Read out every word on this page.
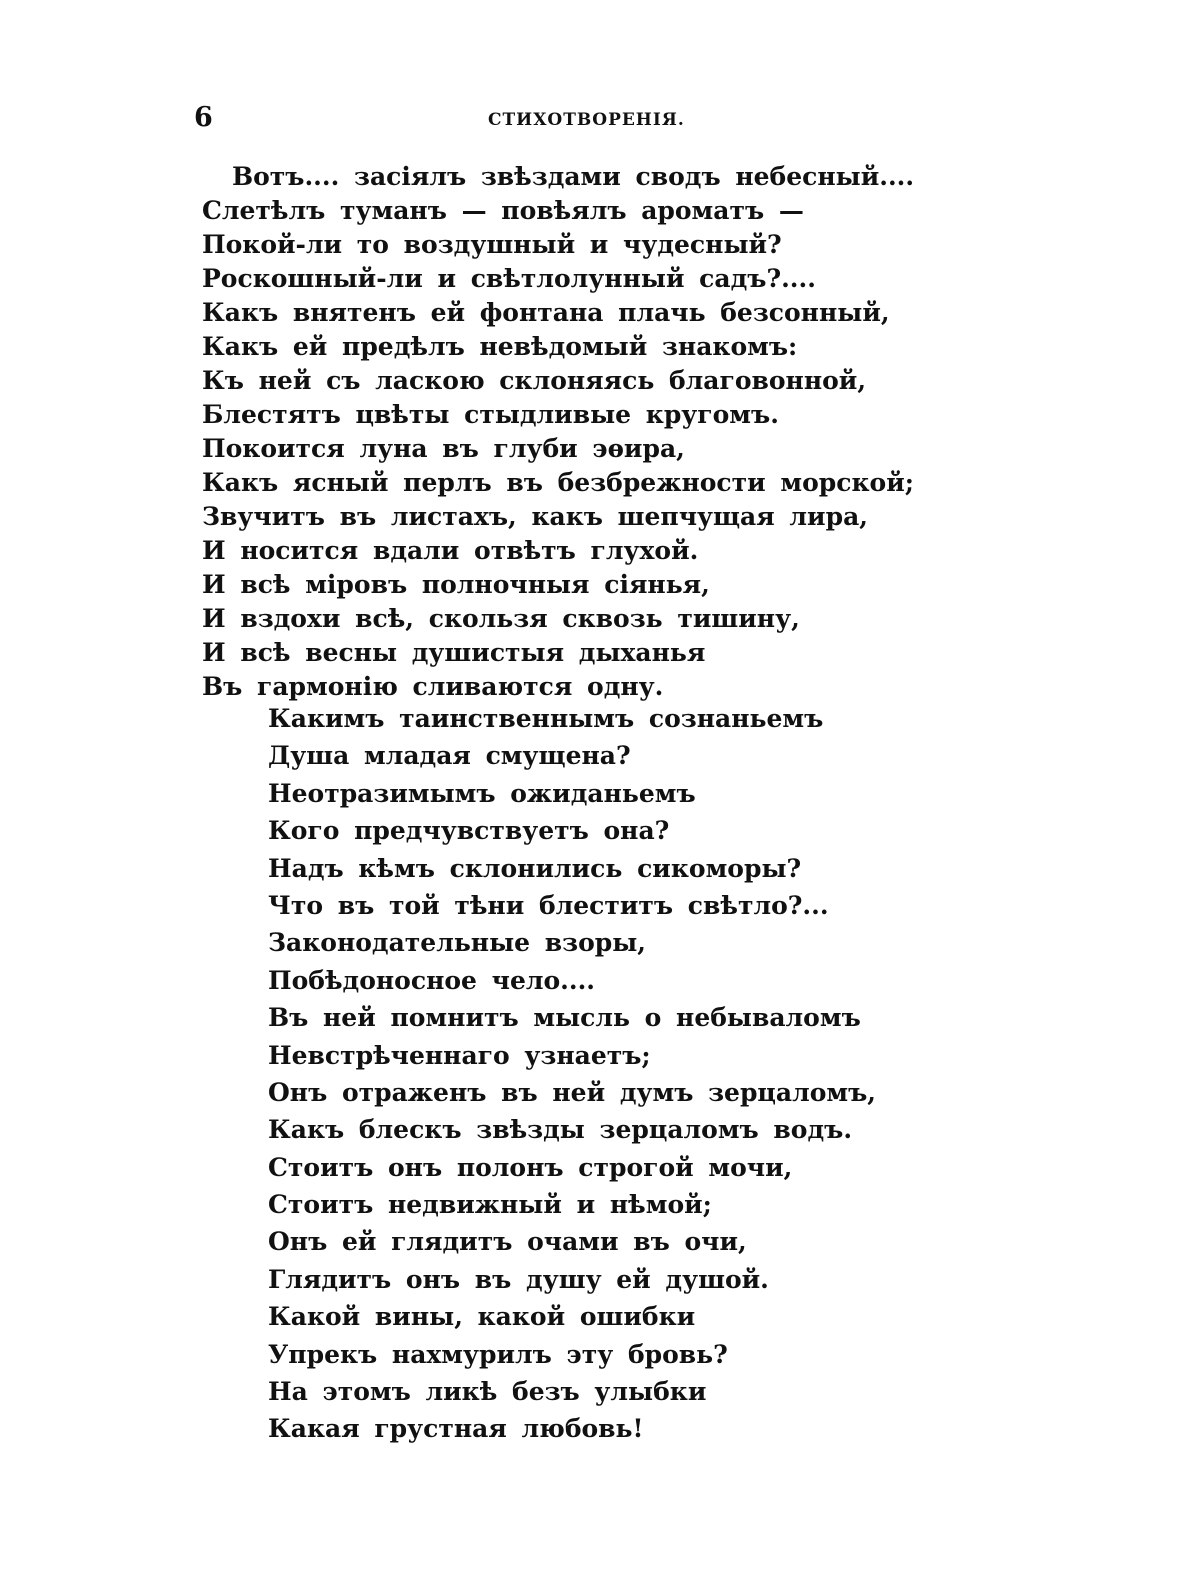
6	СТИХОТВОРЕНІЯ.
Вотъ.... засіялъ звѣздами сводъ небесный....
Слетѣлъ туманъ — повѣялъ ароматъ —
Покой-ли то воздушный и чудесный?
Роскошный-ли и свѣтлолунный садъ?....
Какъ внятенъ ей фонтана плачь безсонный,
Какъ ей предѣлъ невѣдомый знакомъ:
Къ ней съ ласкою склоняясь благовонной,
Блестятъ цвѣты стыдливые кругомъ.
Покоится луна въ глуби эѳира,
Какъ ясный перлъ въ безбрежности морской;
Звучитъ въ листахъ, какъ шепчущая лира,
И носится вдали отвѣтъ глухой.
И всѣ міровъ полночныя сіянья,
И вздохи всѣ, скользя сквозь тишину,
И всѣ весны душистыя дыханья
Въ гармонію сливаются одну.
Какимъ таинственнымъ сознаньемъ
Душа младая смущена?
Неотразимымъ ожиданьемъ
Кого предчувствуетъ она?
Надъ кѣмъ склонились сикоморы?
Что въ той тѣни блеститъ свѣтло?...
Законодательные взоры,
Побѣдоносное чело....
Въ ней помнитъ мысль о небываломъ
Невстрѣченнаго узнаетъ;
Онъ отраженъ въ ней думъ зерцаломъ,
Какъ блескъ звѣзды зерцаломъ водъ.
Стоитъ онъ полонъ строгой мочи,
Стоитъ недвижный и нѣмой;
Онъ ей глядитъ очами въ очи,
Глядитъ онъ въ душу ей душой.
Какой вины, какой ошибки
Упрекъ нахмурилъ эту бровь?
На этомъ ликѣ безъ улыбки
Какая грустная любовь!
